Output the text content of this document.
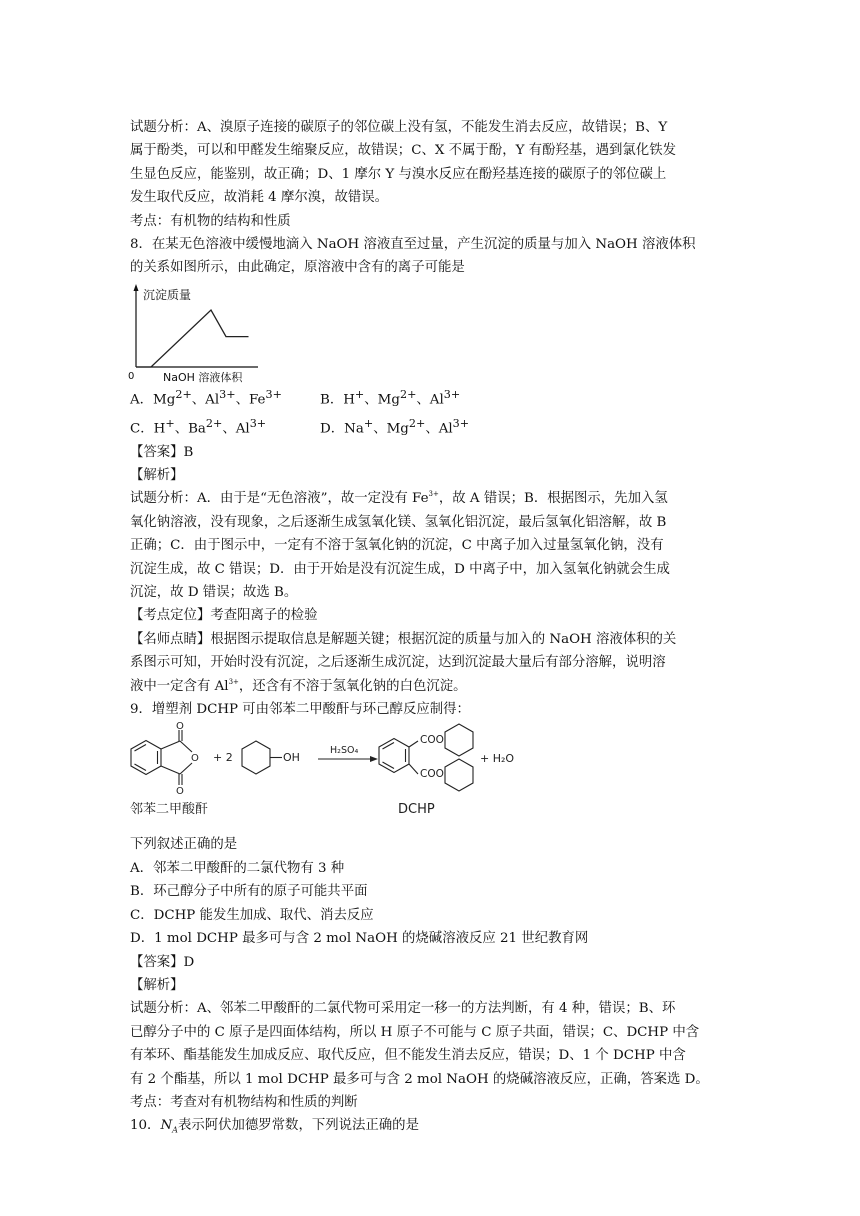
试题分析：A、溴原子连接的碳原子的邻位碳上没有氢，不能发生消去反应，故错误；B、Y
属于酚类，可以和甲醛发生缩聚反应，故错误；C、X 不属于酚，Y 有酚羟基，遇到氯化铁发
生显色反应，能鉴别，故正确；D、1 摩尔 Y 与溴水反应在酚羟基连接的碳原子的邻位碳上
发生取代反应，故消耗 4 摩尔溴，故错误。
考点：有机物的结构和性质
8．在某无色溶液中缓慢地滴入 NaOH 溶液直至过量，产生沉淀的质量与加入 NaOH 溶液体积
的关系如图所示，由此确定，原溶液中含有的离子可能是
沉淀质量
0	NaOH 溶液体积
A．$Mg^{2+}$、$Al^{3+}$、$Fe^{3+}$	B．H+、$Mg^{2+}$、$Al^{3+}$
C．H+、$Ba^{2+}$、$Al^{3+}$	D．Na+、$Mg^{2+}$、$Al^{3+}$
【答案】B
【解析】
试题分析：A．由于是“无色溶液”，故一定没有 $Fe^{3+}$，故 A 错误；B．根据图示，先加入氢
氧化钠溶液，没有现象，之后逐渐生成氢氧化镁、氢氧化铝沉淀，最后氢氧化铝溶解，故 B
正确；C．由于图示中，一定有不溶于氢氧化钠的沉淀，C 中离子加入过量氢氧化钠，没有
沉淀生成，故 C 错误；D．由于开始是没有沉淀生成，D 中离子中，加入氢氧化钠就会生成
沉淀，故 D 错误；故选 B。
【考点定位】考查阳离子的检验
【名师点睛】根据图示提取信息是解题关键；根据沉淀的质量与加入的 NaOH 溶液体积的关
系图示可知，开始时没有沉淀，之后逐渐生成沉淀，达到沉淀最大量后有部分溶解，说明溶
液中一定含有 $Al^{3+}$，还含有不溶于氢氧化钠的白色沉淀。
9．增塑剂 DCHP 可由邻苯二甲酸酐与环己醇反应制得：
O
O
O + 2	OH
H₂SO₄
COO
COO
+ H₂O
邻苯二甲酸酐	DCHP
下列叙述正确的是
A．邻苯二甲酸酐的二氯代物有 3 种
B．环己醇分子中所有的原子可能共平面
C．DCHP 能发生加成、取代、消去反应
D．1 mol DCHP 最多可与含 2 mol NaOH 的烧碱溶液反应 21 世纪教育网
【答案】D
【解析】
试题分析：A、邻苯二甲酸酐的二氯代物可采用定一移一的方法判断，有 4 种，错误；B、环
已醇分子中的 C 原子是四面体结构，所以 H 原子不可能与 C 原子共面，错误；C、DCHP 中含
有苯环、酯基能发生加成反应、取代反应，但不能发生消去反应，错误；D、1 个 DCHP 中含
有 2 个酯基，所以 1 mol DCHP 最多可与含 2 mol NaOH 的烧碱溶液反应，正确，答案选 D。
考点：考查对有机物结构和性质的判断
10．$N_A$表示阿伏加德罗常数，下列说法正确的是
